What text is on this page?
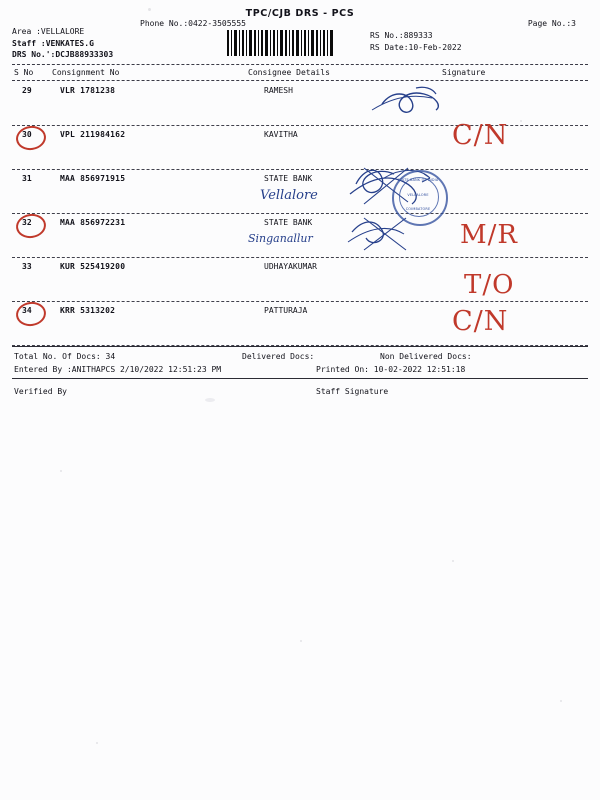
TPC/CJB DRS - PCS
Phone No.:0422-3505555	Page No.:3
Area :VELLALORE
Staff :VENKATES.G
DRS No.':DCJB88933303
RS No.:889333
RS Date:10-Feb-2022
S No Consignment No	Consignee Details	Signature
29	VLR 1781238	RAMESH
30	VPL 211984162	KAVITHA	C/N
31	MAA 856971915	STATE BANK
Vellalore
32	MAA 856972231	STATE BANK
Singanallur	M/R
33	KUR 525419200	UDHAYAKUMAR
T/O
34	KRR 5313202	PATTURAJA	C/N
STATE BANK OF INDIA
VELLALORE
COIMBATORE
Total No. Of Docs: 34	Delivered Docs:	Non Delivered Docs:
Entered By :ANITHAPCS 2/10/2022 12:51:23 PM	Printed On: 10-02-2022 12:51:18
Verified By	Staff Signature
